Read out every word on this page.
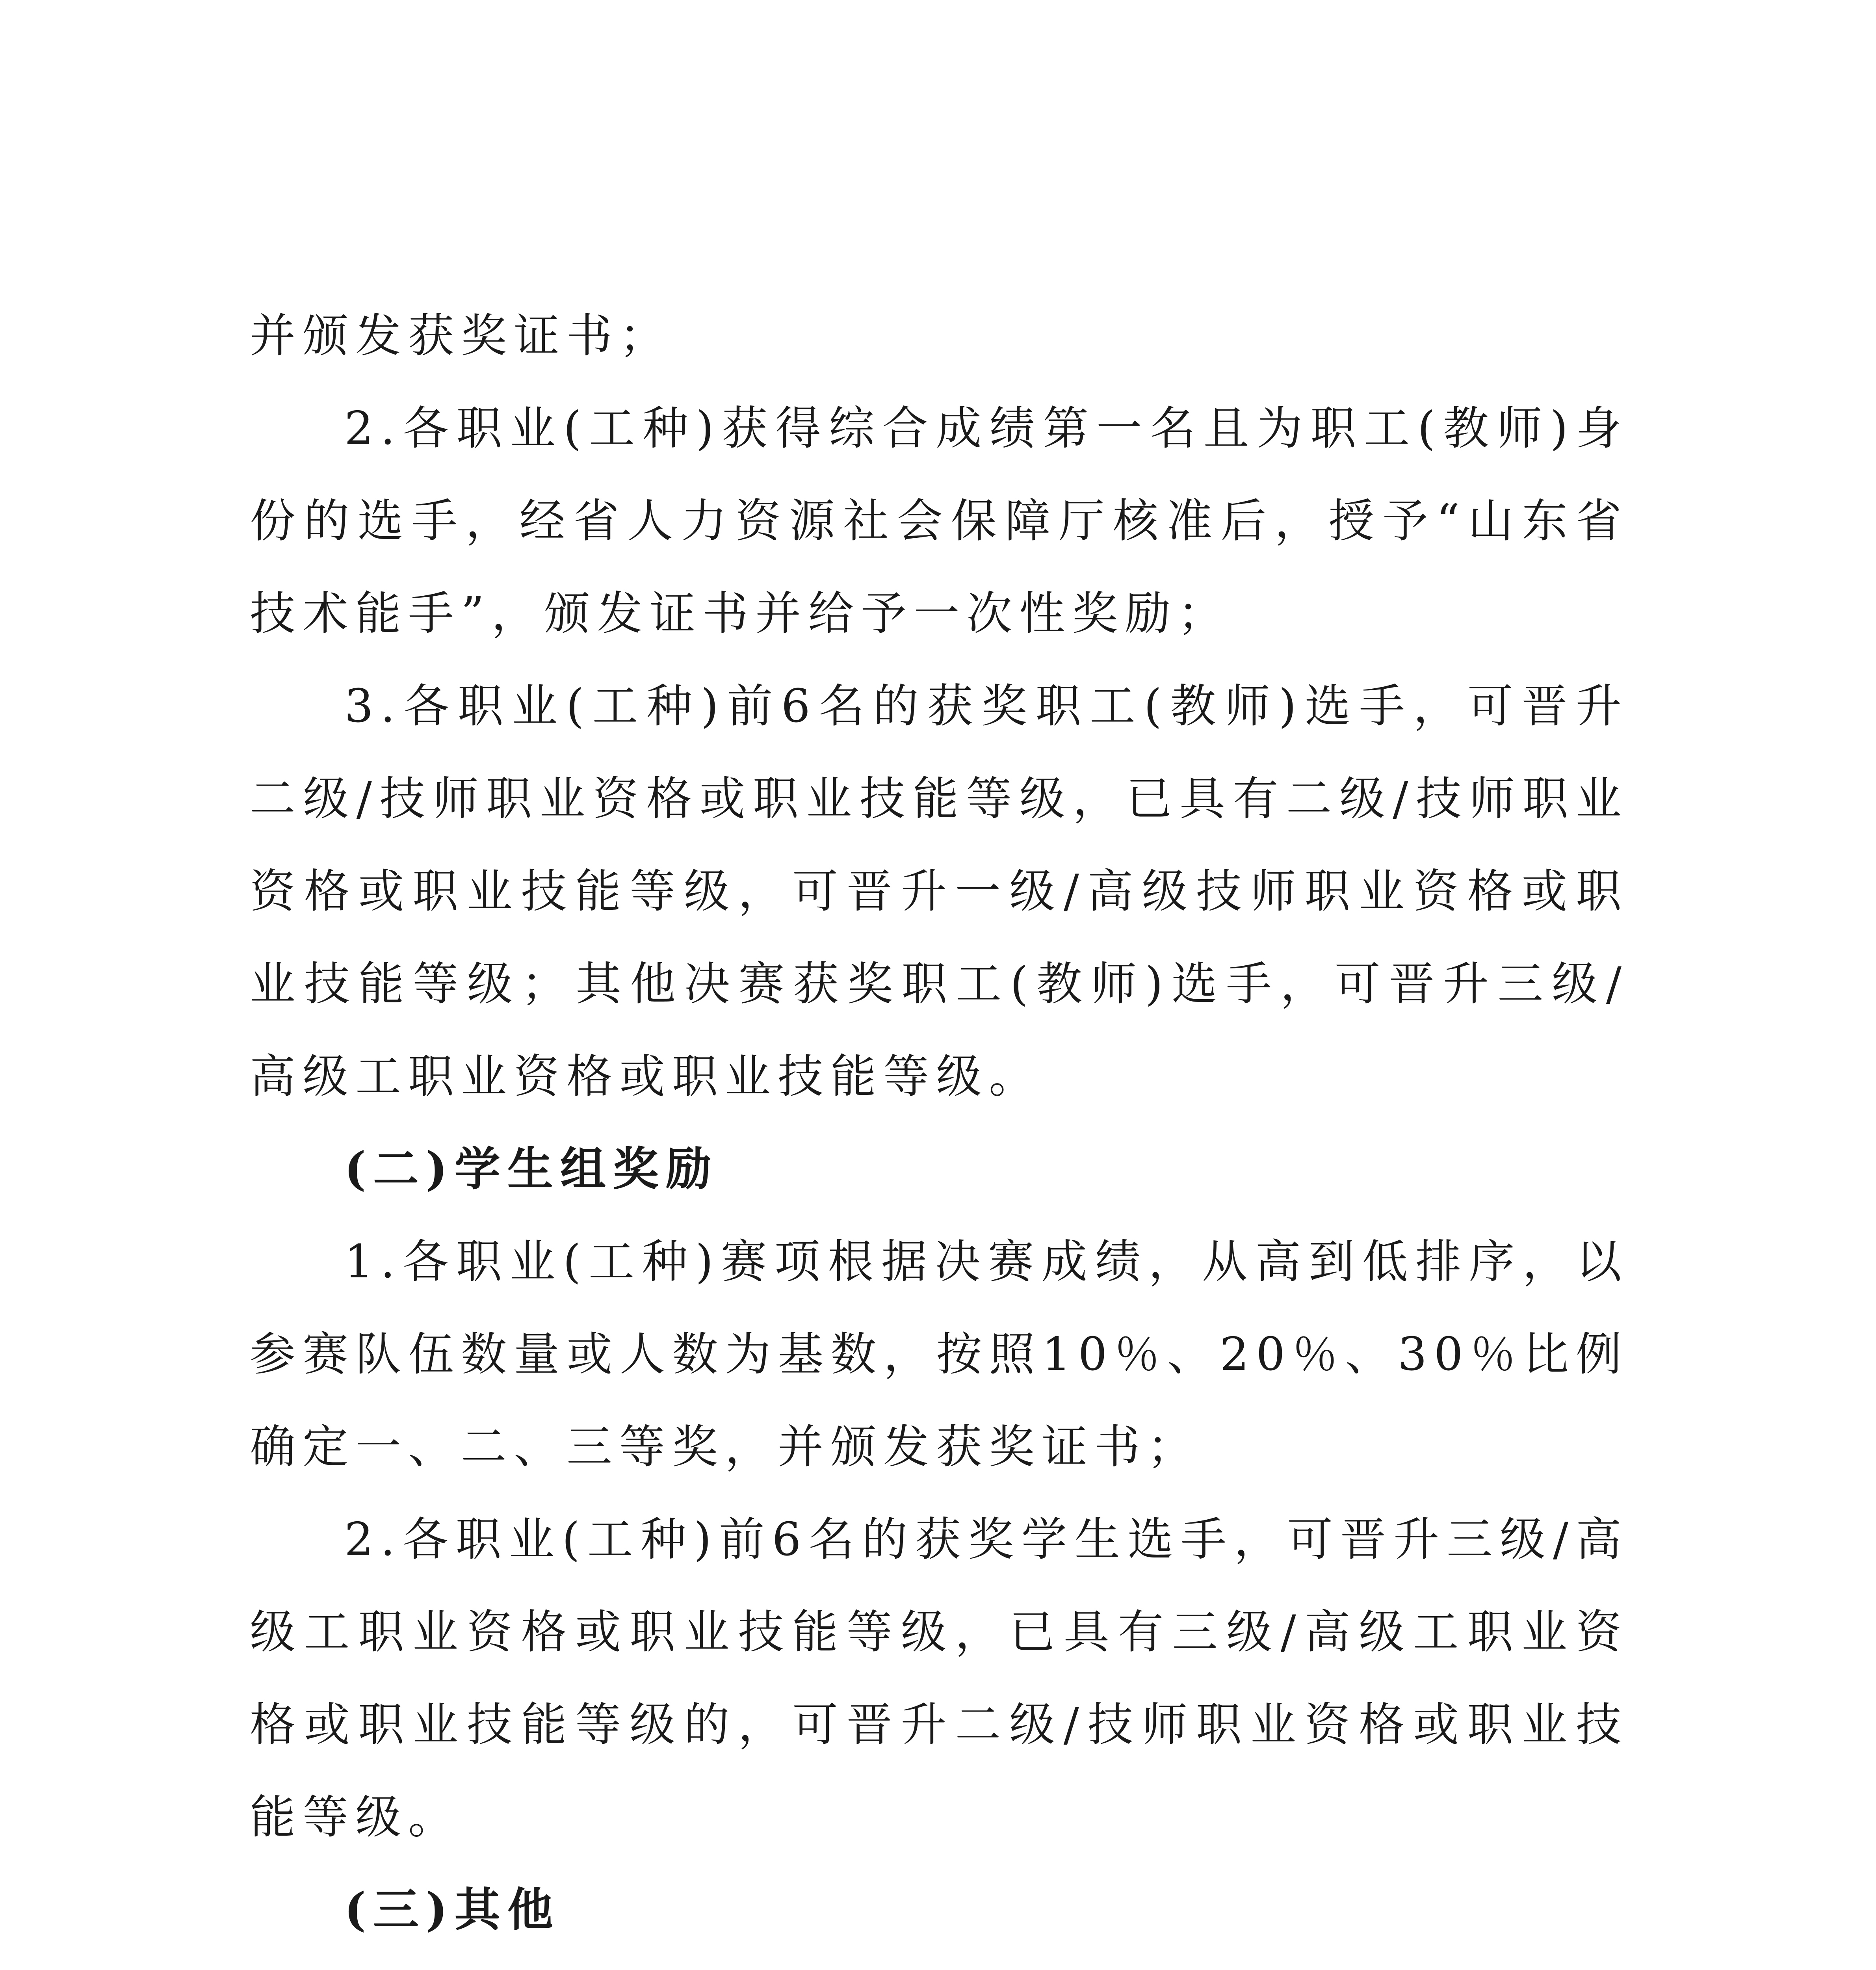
并颁发获奖证书；

2.各职业(工种)获得综合成绩第一名且为职工(教师)身份的选手，经省人力资源社会保障厅核准后，授予“山东省技术能手”，颁发证书并给予一次性奖励；

3.各职业(工种)前6名的获奖职工(教师)选手，可晋升二级/技师职业资格或职业技能等级，已具有二级/技师职业资格或职业技能等级，可晋升一级/高级技师职业资格或职业技能等级；其他决赛获奖职工(教师)选手，可晋升三级/高级工职业资格或职业技能等级。

(二)学生组奖励

1.各职业(工种)赛项根据决赛成绩，从高到低排序，以参赛队伍数量或人数为基数，按照10％、20％、30％比例确定一、二、三等奖，并颁发获奖证书；

2.各职业(工种)前6名的获奖学生选手，可晋升三级/高级工职业资格或职业技能等级，已具有三级/高级工职业资格或职业技能等级的，可晋升二级/技师职业资格或职业技能等级。

(三)其他
